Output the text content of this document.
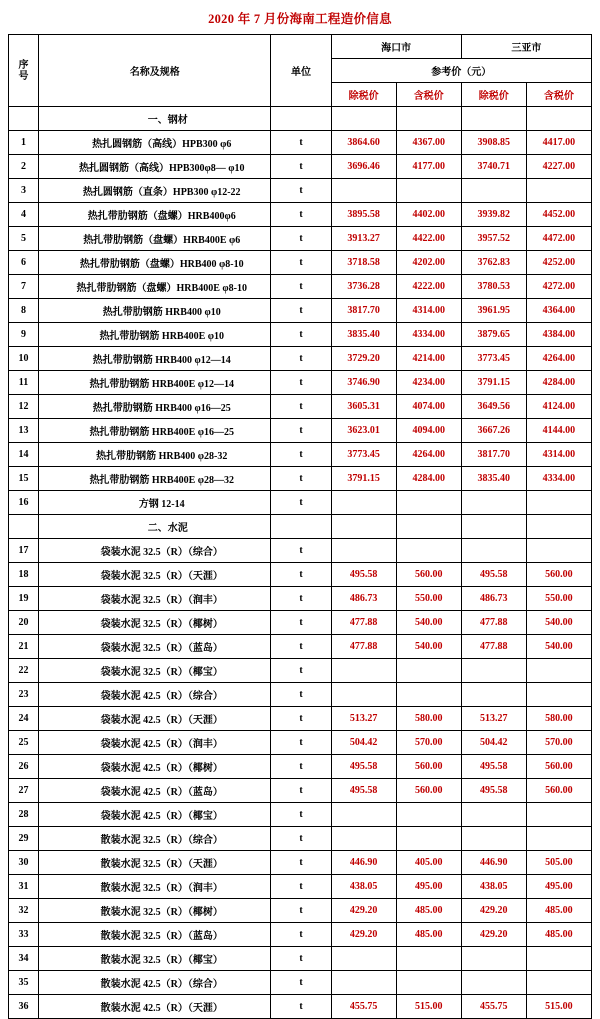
2020 年 7 月份海南工程造价信息
序
号	名称及规格	单位	海口市		三亚市	
			参考价（元）			
			除税价	含税价	除税价	含税价
	一、钢材					
1	热扎圆钢筋（高线）HPB300 φ6	t	3864.60	4367.00	3908.85	4417.00
2	热扎圆钢筋（高线）HPB300φ8— φ10	t	3696.46	4177.00	3740.71	4227.00
3	热扎圆钢筋（直条）HPB300 φ12-22	t				
4	热扎带肋钢筋（盘螺）HRB400φ6	t	3895.58	4402.00	3939.82	4452.00
5	热扎带肋钢筋（盘螺）HRB400E φ6	t	3913.27	4422.00	3957.52	4472.00
6	热扎带肋钢筋（盘螺）HRB400 φ8-10	t	3718.58	4202.00	3762.83	4252.00
7	热扎带肋钢筋（盘螺）HRB400E φ8-10	t	3736.28	4222.00	3780.53	4272.00
8	热扎带肋钢筋 HRB400 φ10	t	3817.70	4314.00	3961.95	4364.00
9	热扎带肋钢筋 HRB400E φ10	t	3835.40	4334.00	3879.65	4384.00
10	热扎带肋钢筋 HRB400 φ12—14	t	3729.20	4214.00	3773.45	4264.00
11	热扎带肋钢筋 HRB400E φ12—14	t	3746.90	4234.00	3791.15	4284.00
12	热扎带肋钢筋 HRB400 φ16—25	t	3605.31	4074.00	3649.56	4124.00
13	热扎带肋钢筋 HRB400E φ16—25	t	3623.01	4094.00	3667.26	4144.00
14	热扎带肋钢筋 HRB400 φ28-32	t	3773.45	4264.00	3817.70	4314.00
15	热扎带肋钢筋 HRB400E φ28—32	t	3791.15	4284.00	3835.40	4334.00
16	方钢 12-14	t				
	二、水泥					
17	袋装水泥 32.5（R）（综合）	t				
18	袋装水泥 32.5（R）（天涯）	t	495.58	560.00	495.58	560.00
19	袋装水泥 32.5（R）（润丰）	t	486.73	550.00	486.73	550.00
20	袋装水泥 32.5（R）（椰树）	t	477.88	540.00	477.88	540.00
21	袋装水泥 32.5（R）（蓝岛）	t	477.88	540.00	477.88	540.00
22	袋装水泥 32.5（R）（椰宝）	t				
23	袋装水泥 42.5（R）（综合）	t				
24	袋装水泥 42.5（R）（天涯）	t	513.27	580.00	513.27	580.00
25	袋装水泥 42.5（R）（润丰）	t	504.42	570.00	504.42	570.00
26	袋装水泥 42.5（R）（椰树）	t	495.58	560.00	495.58	560.00
27	袋装水泥 42.5（R）（蓝岛）	t	495.58	560.00	495.58	560.00
28	袋装水泥 42.5（R）（椰宝）	t				
29	散装水泥 32.5（R）（综合）	t				
30	散装水泥 32.5（R）（天涯）	t	446.90	405.00	446.90	505.00
31	散装水泥 32.5（R）（润丰）	t	438.05	495.00	438.05	495.00
32	散装水泥 32.5（R）（椰树）	t	429.20	485.00	429.20	485.00
33	散装水泥 32.5（R）（蓝岛）	t	429.20	485.00	429.20	485.00
34	散装水泥 32.5（R）（椰宝）	t				
35	散装水泥 42.5（R）（综合）	t				
36	散装水泥 42.5（R）（天涯）	t	455.75	515.00	455.75	515.00
